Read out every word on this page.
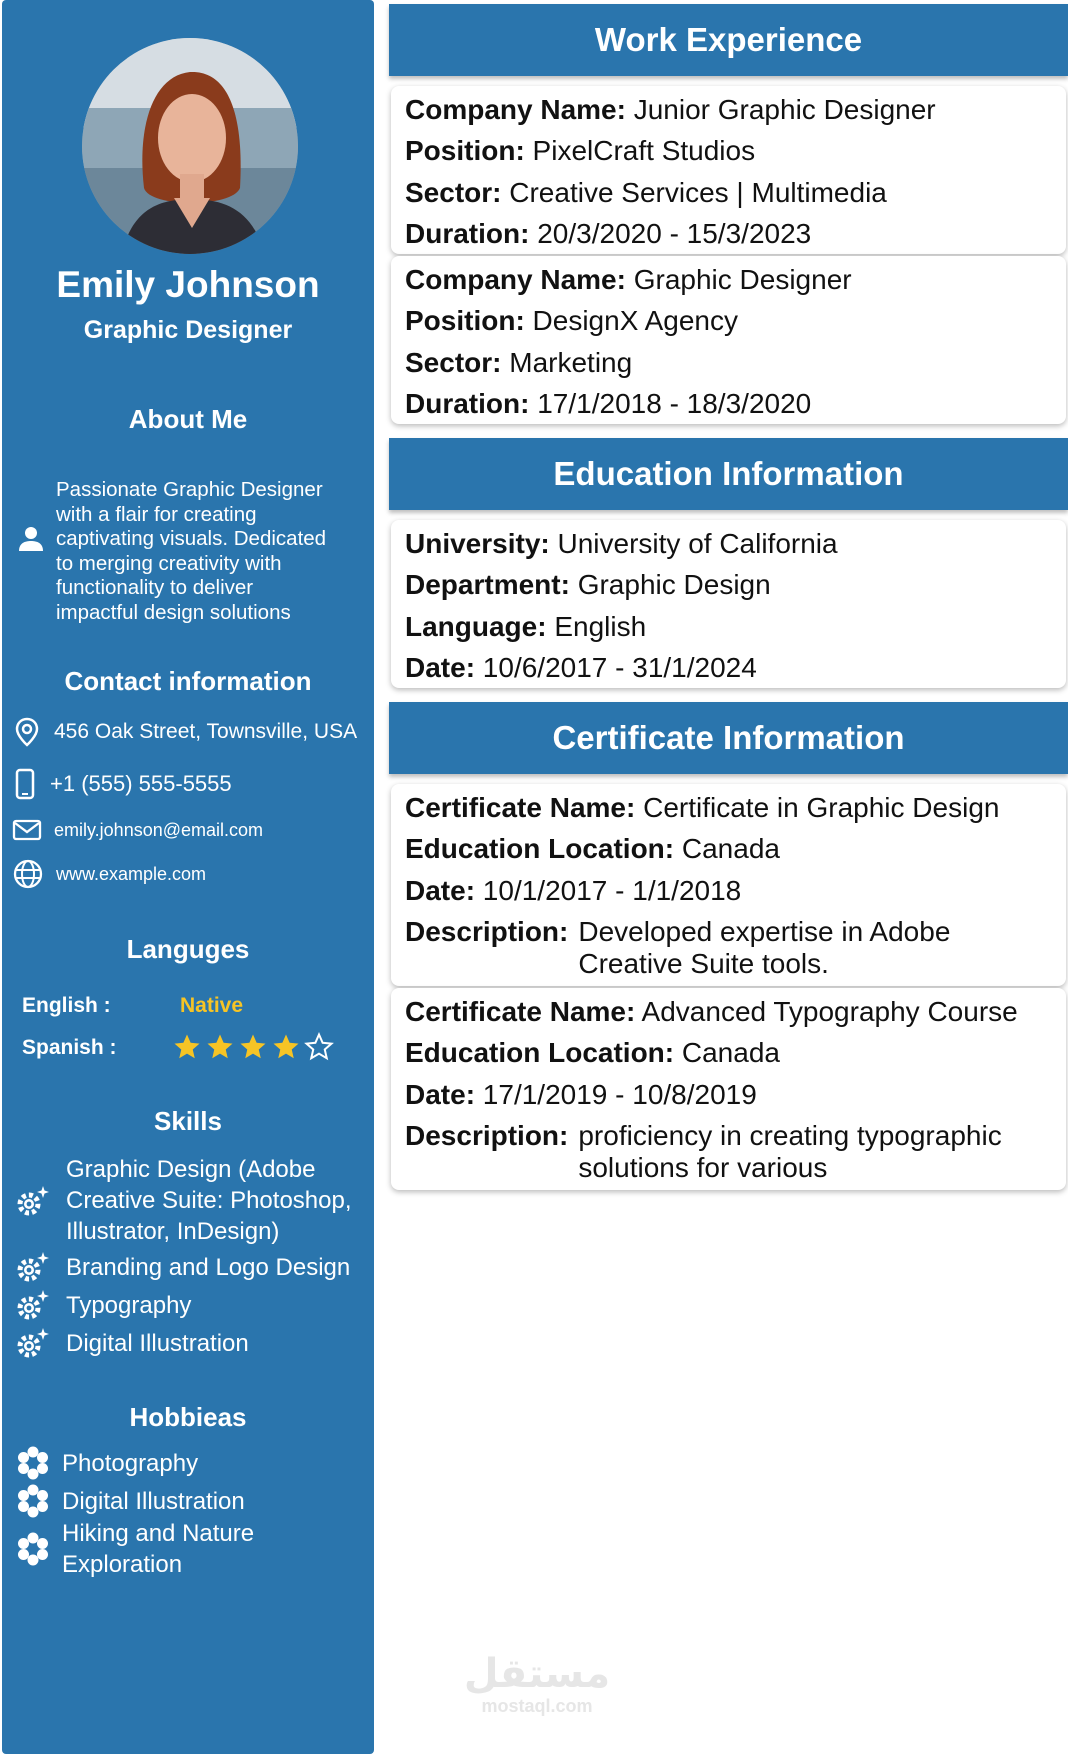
Emily Johnson
Graphic Designer
About Me
Passionate Graphic Designer
with a flair for creating
captivating visuals. Dedicated
to merging creativity with
functionality to deliver
impactful design solutions
Contact information
456 Oak Street, Townsville, USA
+1 (555) 555-5555
emily.johnson@email.com
www.example.com
Languges
English :	Native
Spanish :
Skills
Graphic Design (Adobe
Creative Suite: Photoshop,
Illustrator, InDesign)
Branding and Logo Design
Typography
Digital Illustration
Hobbieas
Photography
Digital Illustration
Hiking and Nature
Exploration
Work Experience
Company Name: Junior Graphic Designer
Position: PixelCraft Studios
Sector: Creative Services | Multimedia
Duration: 20/3/2020 - 15/3/2023
Company Name: Graphic Designer
Position: DesignX Agency
Sector: Marketing
Duration: 17/1/2018 - 18/3/2020
Education Information
University: University of California
Department: Graphic Design
Language: English
Date: 10/6/2017 - 31/1/2024
Certificate Information
Certificate Name: Certificate in Graphic Design
Education Location: Canada
Date: 10/1/2017 - 1/1/2018
Description: Developed expertise in Adobe
Creative Suite tools.
Certificate Name: Advanced Typography Course
Education Location: Canada
Date: 17/1/2019 - 10/8/2019
Description: proficiency in creating typographic
solutions for various
مستقل
mostaql.com
